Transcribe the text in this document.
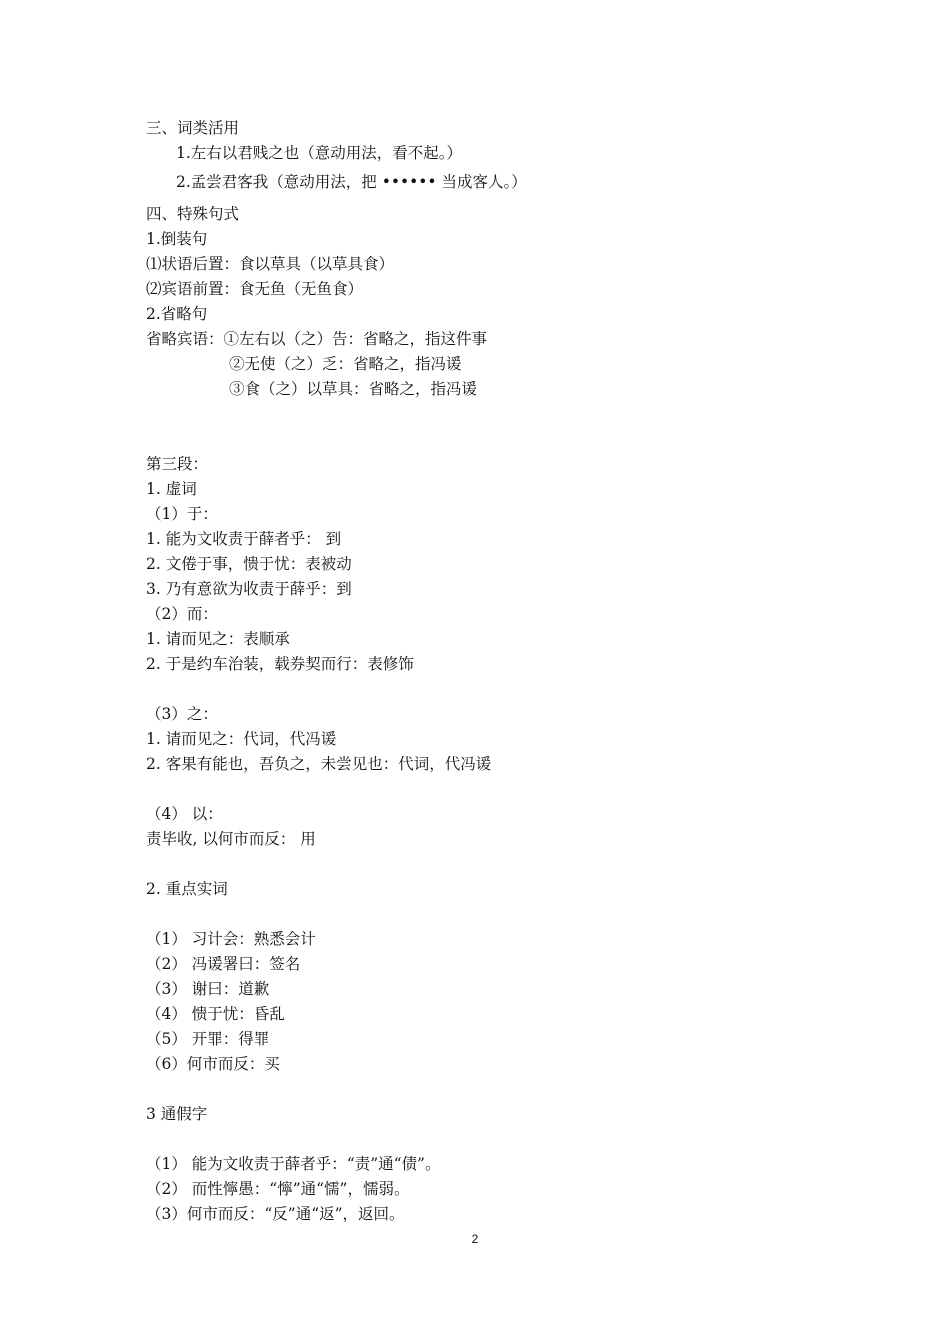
三、词类活用
1.左右以君贱之也（意动用法，看不起。）
2.孟尝君客我（意动用法，把 •••••• 当成客人。）
四、特殊句式
1.倒装句
⑴状语后置：食以草具（以草具食）
⑵宾语前置：食无鱼（无鱼食）
2.省略句
省略宾语：①左右以（之）告：省略之，指这件事
②无使（之）乏：省略之，指冯谖
③食（之）以草具：省略之，指冯谖
第三段：
1. 虚词
（1）于：
1. 能为文收责于薛者乎： 到
2. 文倦于事，愦于忧：表被动
3. 乃有意欲为收责于薛乎：到
（2）而：
1. 请而见之：表顺承
2. 于是约车治装，载券契而行：表修饰
（3）之：
1. 请而见之：代词，代冯谖
2. 客果有能也，吾负之，未尝见也：代词，代冯谖
（4） 以：
责毕收, 以何市而反： 用
2. 重点实词
（1） 习计会：熟悉会计
（2） 冯谖署曰：签名
（3） 谢曰：道歉
（4） 愦于忧：昏乱
（5） 开罪：得罪
（6）何市而反：买
3 通假字
（1） 能为文收责于薛者乎：“责”通“债”。
（2） 而性懧愚：“懧”通“懦”，懦弱。
（3）何市而反：“反”通“返”，返回。
2
